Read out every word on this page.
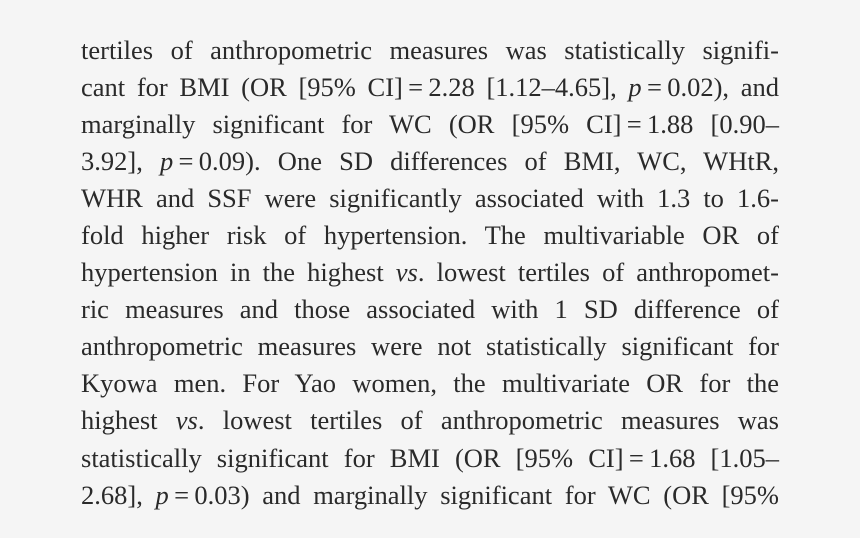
tertiles of anthropometric measures was statistically signifi-
cant for BMI (OR [95% CI] = 2.28 [1.12–4.65], p = 0.02), and
marginally significant for WC (OR [95% CI] = 1.88 [0.90–
3.92], p = 0.09). One SD differences of BMI, WC, WHtR,
WHR and SSF were significantly associated with 1.3 to 1.6-
fold higher risk of hypertension. The multivariable OR of
hypertension in the highest vs. lowest tertiles of anthropomet-
ric measures and those associated with 1 SD difference of
anthropometric measures were not statistically significant for
Kyowa men. For Yao women, the multivariate OR for the
highest vs. lowest tertiles of anthropometric measures was
statistically significant for BMI (OR [95% CI] = 1.68 [1.05–
2.68], p = 0.03) and marginally significant for WC (OR [95%
